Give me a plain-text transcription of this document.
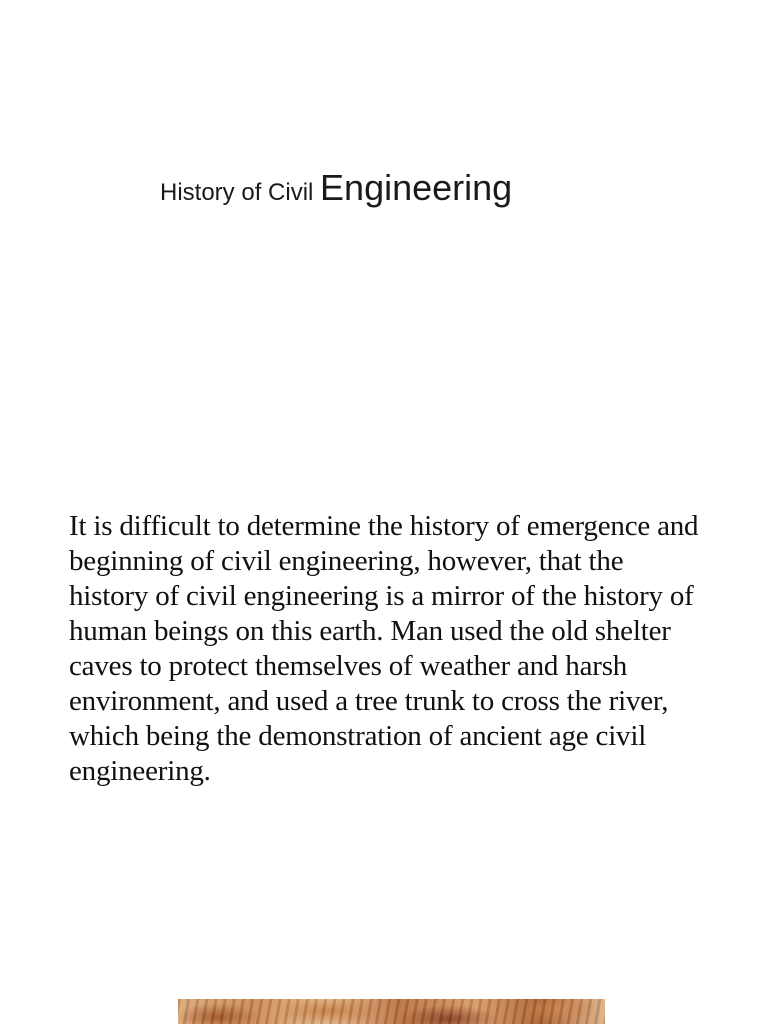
History of Civil Engineering

It is difficult to determine the history of emergence and beginning of civil engineering, however, that the history of civil engineering is a mirror of the history of human beings on this earth. Man used the old shelter caves to protect themselves of weather and harsh environment, and used a tree trunk to cross the river, which being the demonstration of ancient age civil engineering.
